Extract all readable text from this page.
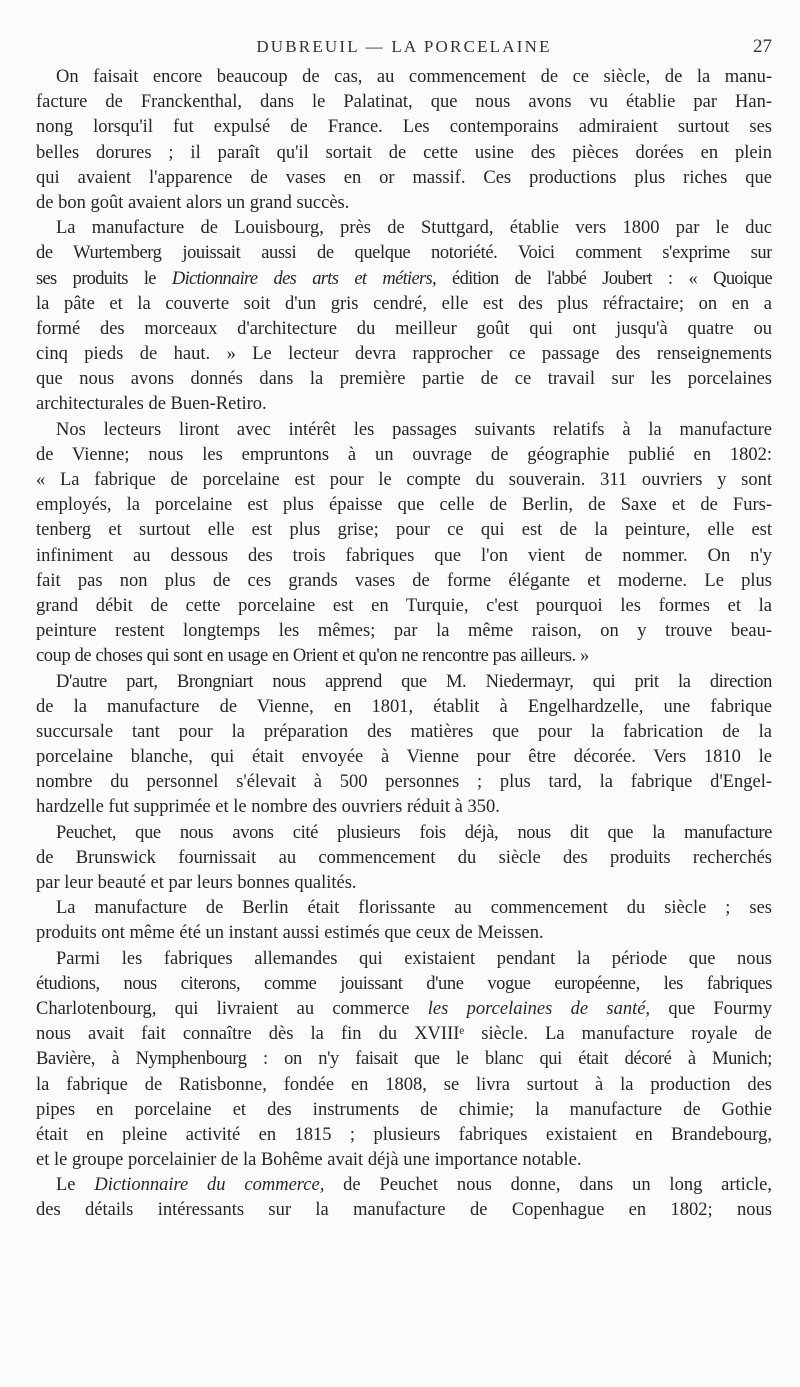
DUBREUIL — LA PORCELAINE	27
On faisait encore beaucoup de cas, au commencement de ce siècle, de la manu-
facture de Franckenthal, dans le Palatinat, que nous avons vu établie par Han-
nong lorsqu'il fut expulsé de France. Les contemporains admiraient surtout ses
belles dorures ; il paraît qu'il sortait de cette usine des pièces dorées en plein
qui avaient l'apparence de vases en or massif. Ces productions plus riches que
de bon goût avaient alors un grand succès.
La manufacture de Louisbourg, près de Stuttgard, établie vers 1800 par le duc
de Wurtemberg jouissait aussi de quelque notoriété. Voici comment s'exprime sur
ses produits le Dictionnaire des arts et métiers, édition de l'abbé Joubert : « Quoique
la pâte et la couverte soit d'un gris cendré, elle est des plus réfractaire; on en a
formé des morceaux d'architecture du meilleur goût qui ont jusqu'à quatre ou
cinq pieds de haut. » Le lecteur devra rapprocher ce passage des renseignements
que nous avons donnés dans la première partie de ce travail sur les porcelaines
architecturales de Buen-Retiro.
Nos lecteurs liront avec intérêt les passages suivants relatifs à la manufacture
de Vienne; nous les empruntons à un ouvrage de géographie publié en 1802:
« La fabrique de porcelaine est pour le compte du souverain. 311 ouvriers y sont
employés, la porcelaine est plus épaisse que celle de Berlin, de Saxe et de Furs-
tenberg et surtout elle est plus grise; pour ce qui est de la peinture, elle est
infiniment au dessous des trois fabriques que l'on vient de nommer. On n'y
fait pas non plus de ces grands vases de forme élégante et moderne. Le plus
grand débit de cette porcelaine est en Turquie, c'est pourquoi les formes et la
peinture restent longtemps les mêmes; par la même raison, on y trouve beau-
coup de choses qui sont en usage en Orient et qu'on ne rencontre pas ailleurs. »
D'autre part, Brongniart nous apprend que M. Niedermayr, qui prit la direction
de la manufacture de Vienne, en 1801, établit à Engelhardzelle, une fabrique
succursale tant pour la préparation des matières que pour la fabrication de la
porcelaine blanche, qui était envoyée à Vienne pour être décorée. Vers 1810 le
nombre du personnel s'élevait à 500 personnes ; plus tard, la fabrique d'Engel-
hardzelle fut supprimée et le nombre des ouvriers réduit à 350.
Peuchet, que nous avons cité plusieurs fois déjà, nous dit que la manufacture
de Brunswick fournissait au commencement du siècle des produits recherchés
par leur beauté et par leurs bonnes qualités.
La manufacture de Berlin était florissante au commencement du siècle ; ses
produits ont même été un instant aussi estimés que ceux de Meissen.
Parmi les fabriques allemandes qui existaient pendant la période que nous
étudions, nous citerons, comme jouissant d'une vogue européenne, les fabriques
Charlotenbourg, qui livraient au commerce les porcelaines de santé, que Fourmy
nous avait fait connaître dès la fin du XVIIIᵉ siècle. La manufacture royale de
Bavière, à Nymphenbourg : on n'y faisait que le blanc qui était décoré à Munich;
la fabrique de Ratisbonne, fondée en 1808, se livra surtout à la production des
pipes en porcelaine et des instruments de chimie; la manufacture de Gothie
était en pleine activité en 1815 ; plusieurs fabriques existaient en Brandebourg,
et le groupe porcelainier de la Bohême avait déjà une importance notable.
Le Dictionnaire du commerce, de Peuchet nous donne, dans un long article,
des détails intéressants sur la manufacture de Copenhague en 1802; nous
